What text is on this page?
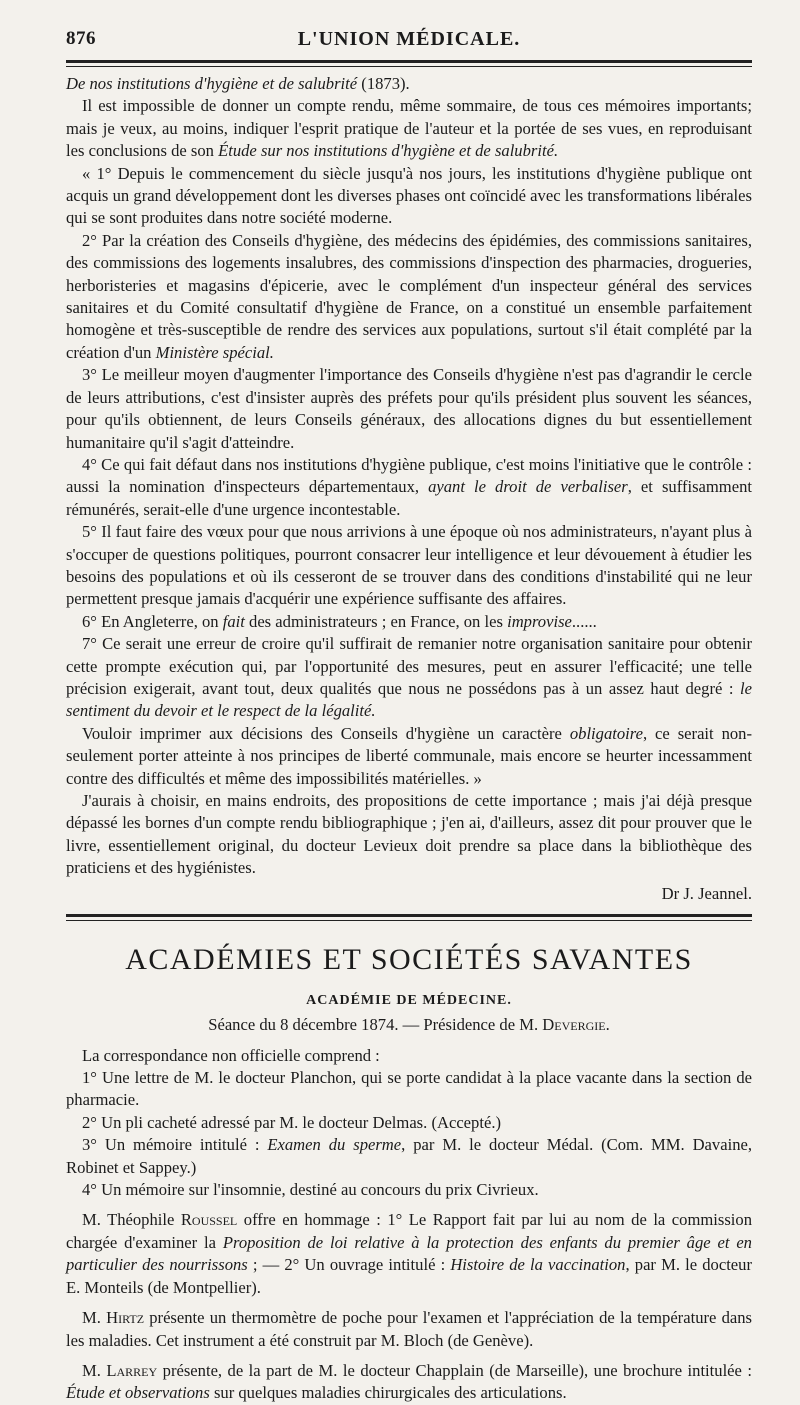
876	L'UNION MÉDICALE.

De nos institutions d'hygiène et de salubrité (1873).

Il est impossible de donner un compte rendu, même sommaire, de tous ces mémoires importants; mais je veux, au moins, indiquer l'esprit pratique de l'auteur et la portée de ses vues, en reproduisant les conclusions de son Étude sur nos institutions d'hygiène et de salubrité.

« 1° Depuis le commencement du siècle jusqu'à nos jours, les institutions d'hygiène publique ont acquis un grand développement dont les diverses phases ont coïncidé avec les transformations libérales qui se sont produites dans notre société moderne.

2° Par la création des Conseils d'hygiène, des médecins des épidémies, des commissions sanitaires, des commissions des logements insalubres, des commissions d'inspection des pharmacies, drogueries, herboristeries et magasins d'épicerie, avec le complément d'un inspecteur général des services sanitaires et du Comité consultatif d'hygiène de France, on a constitué un ensemble parfaitement homogène et très-susceptible de rendre des services aux populations, surtout s'il était complété par la création d'un Ministère spécial.

3° Le meilleur moyen d'augmenter l'importance des Conseils d'hygiène n'est pas d'agrandir le cercle de leurs attributions, c'est d'insister auprès des préfets pour qu'ils président plus souvent les séances, pour qu'ils obtiennent, de leurs Conseils généraux, des allocations dignes du but essentiellement humanitaire qu'il s'agit d'atteindre.

4° Ce qui fait défaut dans nos institutions d'hygiène publique, c'est moins l'initiative que le contrôle : aussi la nomination d'inspecteurs départementaux, ayant le droit de verbaliser, et suffisamment rémunérés, serait-elle d'une urgence incontestable.

5° Il faut faire des vœux pour que nous arrivions à une époque où nos administrateurs, n'ayant plus à s'occuper de questions politiques, pourront consacrer leur intelligence et leur dévouement à étudier les besoins des populations et où ils cesseront de se trouver dans des conditions d'instabilité qui ne leur permettent presque jamais d'acquérir une expérience suffisante des affaires.

6° En Angleterre, on fait des administrateurs ; en France, on les improvise......

7° Ce serait une erreur de croire qu'il suffirait de remanier notre organisation sanitaire pour obtenir cette prompte exécution qui, par l'opportunité des mesures, peut en assurer l'efficacité; une telle précision exigerait, avant tout, deux qualités que nous ne possédons pas à un assez haut degré : le sentiment du devoir et le respect de la légalité.

Vouloir imprimer aux décisions des Conseils d'hygiène un caractère obligatoire, ce serait non-seulement porter atteinte à nos principes de liberté communale, mais encore se heurter incessamment contre des difficultés et même des impossibilités matérielles. »

J'aurais à choisir, en mains endroits, des propositions de cette importance ; mais j'ai déjà presque dépassé les bornes d'un compte rendu bibliographique ; j'en ai, d'ailleurs, assez dit pour prouver que le livre, essentiellement original, du docteur Levieux doit prendre sa place dans la bibliothèque des praticiens et des hygiénistes.

Dr J. Jeannel.
ACADÉMIES ET SOCIÉTÉS SAVANTES
ACADÉMIE DE MÉDECINE.
Séance du 8 décembre 1874. — Présidence de M. Devergie.

La correspondance non officielle comprend :

1° Une lettre de M. le docteur Planchon, qui se porte candidat à la place vacante dans la section de pharmacie.

2° Un pli cacheté adressé par M. le docteur Delmas. (Accepté.)

3° Un mémoire intitulé : Examen du sperme, par M. le docteur Médal. (Com. MM. Davaine, Robinet et Sappey.)

4° Un mémoire sur l'insomnie, destiné au concours du prix Civrieux.

M. Théophile Roussel offre en hommage : 1° Le Rapport fait par lui au nom de la commission chargée d'examiner la Proposition de loi relative à la protection des enfants du premier âge et en particulier des nourrissons ; — 2° Un ouvrage intitulé : Histoire de la vaccination, par M. le docteur E. Monteils (de Montpellier).

M. Hirtz présente un thermomètre de poche pour l'examen et l'appréciation de la température dans les maladies. Cet instrument a été construit par M. Bloch (de Genève).

M. Larrey présente, de la part de M. le docteur Chapplain (de Marseille), une brochure intitulée : Étude et observations sur quelques maladies chirurgicales des articulations.
